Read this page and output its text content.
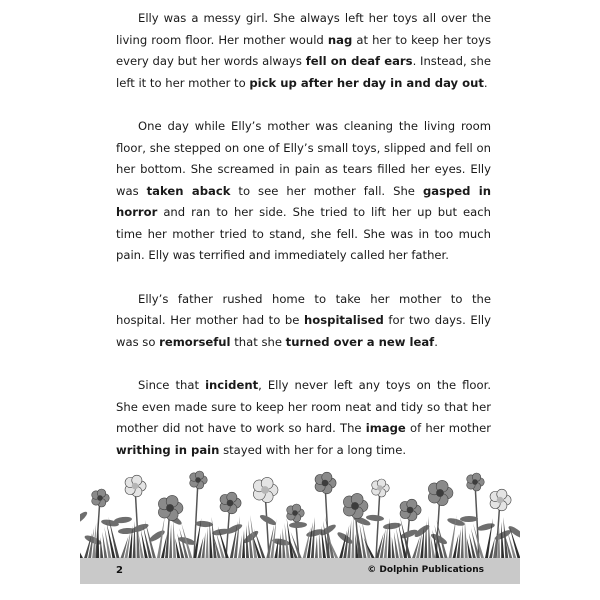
Elly was a messy girl. She always left her toys all over the living room floor. Her mother would nag at her to keep her toys every day but her words always fell on deaf ears. Instead, she left it to her mother to pick up after her day in and day out.

One day while Elly’s mother was cleaning the living room floor, she stepped on one of Elly’s small toys, slipped and fell on her bottom. She screamed in pain as tears filled her eyes. Elly was taken aback to see her mother fall. She gasped in horror and ran to her side. She tried to lift her up but each time her mother tried to stand, she fell. She was in too much pain. Elly was terrified and immediately called her father.

Elly’s father rushed home to take her mother to the hospital. Her mother had to be hospitalised for two days. Elly was so remorseful that she turned over a new leaf.

Since that incident, Elly never left any toys on the floor. She even made sure to keep her room neat and tidy so that her mother did not have to work so hard. The image of her mother writhing in pain stayed with her for a long time.

2	© Dolphin Publications
